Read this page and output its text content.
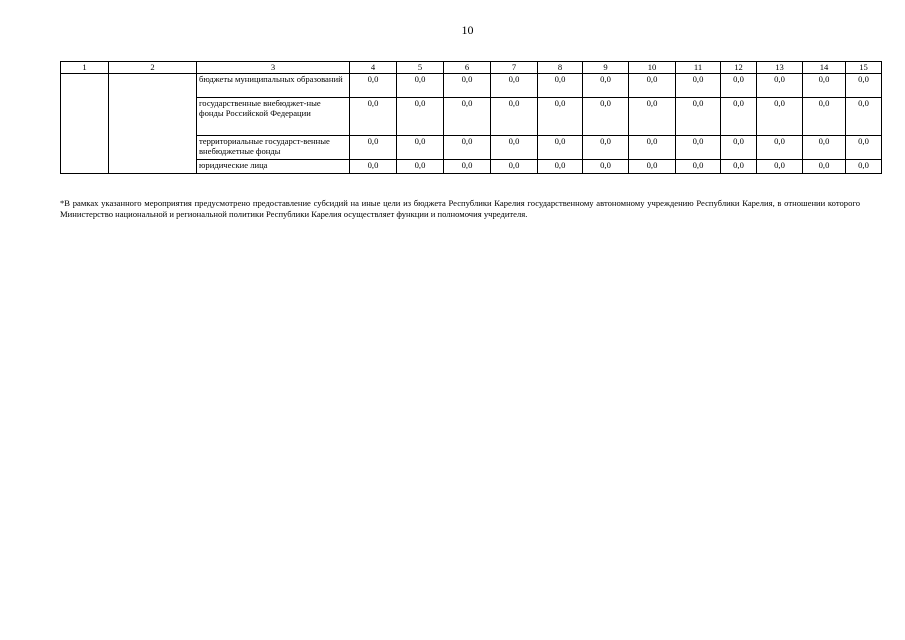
10
1	2	3	4	5	6	7	8	9	10	11	12	13	14	15
		бюджеты муниципальных образований	0,0	0,0	0,0	0,0	0,0	0,0	0,0	0,0	0,0	0,0	0,0	0,0
		государственные внебюджет-ные фонды Российской Федерации	0,0	0,0	0,0	0,0	0,0	0,0	0,0	0,0	0,0	0,0	0,0	0,0
		территориальные государст-венные внебюджетные фонды	0,0	0,0	0,0	0,0	0,0	0,0	0,0	0,0	0,0	0,0	0,0	0,0
		юридические лица	0,0	0,0	0,0	0,0	0,0	0,0	0,0	0,0	0,0	0,0	0,0	0,0
*В рамках указанного мероприятия предусмотрено предоставление субсидий на иные цели из бюджета Республики Карелия государственному автономному учреждению Республики Карелия, в отношении которого Министерство национальной и региональной политики Республики Карелия осуществляет функции и полномочия учредителя.
